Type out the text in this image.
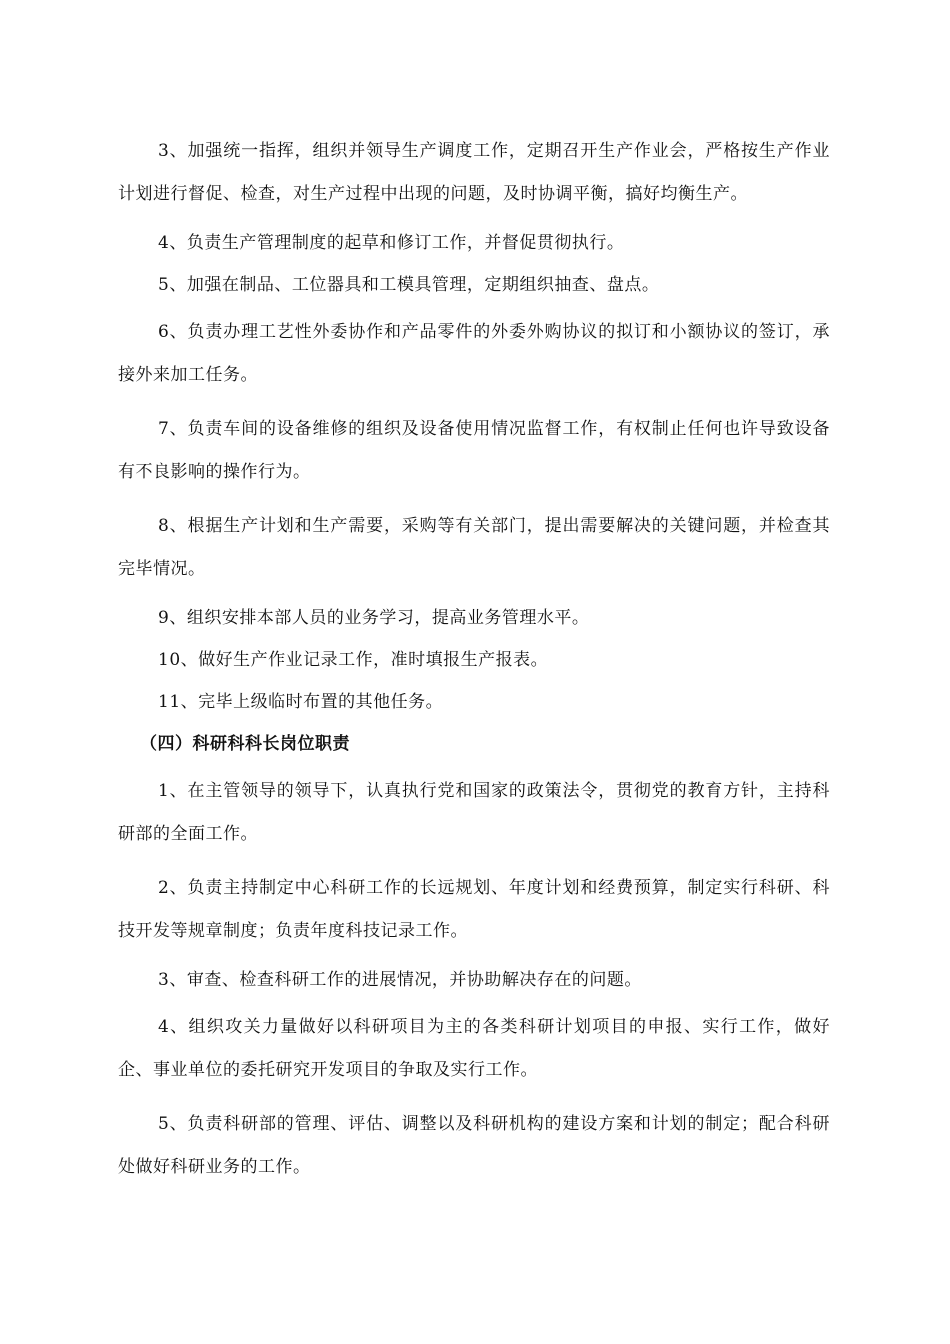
3、加强统一指挥，组织并领导生产调度工作，定期召开生产作业会，严格按生产作业计划进行督促、检查，对生产过程中出现的问题，及时协调平衡，搞好均衡生产。

4、负责生产管理制度的起草和修订工作，并督促贯彻执行。

5、加强在制品、工位器具和工模具管理，定期组织抽查、盘点。

6、负责办理工艺性外委协作和产品零件的外委外购协议的拟订和小额协议的签订，承接外来加工任务。

7、负责车间的设备维修的组织及设备使用情况监督工作，有权制止任何也许导致设备有不良影响的操作行为。

8、根据生产计划和生产需要，采购等有关部门，提出需要解决的关键问题，并检查其完毕情况。

9、组织安排本部人员的业务学习，提高业务管理水平。

10、做好生产作业记录工作，准时填报生产报表。

11、完毕上级临时布置的其他任务。

（四）科研科科长岗位职责

1、在主管领导的领导下，认真执行党和国家的政策法令，贯彻党的教育方针，主持科研部的全面工作。

2、负责主持制定中心科研工作的长远规划、年度计划和经费预算，制定实行科研、科技开发等规章制度；负责年度科技记录工作。

3、审查、检查科研工作的进展情况，并协助解决存在的问题。

4、组织攻关力量做好以科研项目为主的各类科研计划项目的申报、实行工作，做好企、事业单位的委托研究开发项目的争取及实行工作。

5、负责科研部的管理、评估、调整以及科研机构的建设方案和计划的制定；配合科研处做好科研业务的工作。
